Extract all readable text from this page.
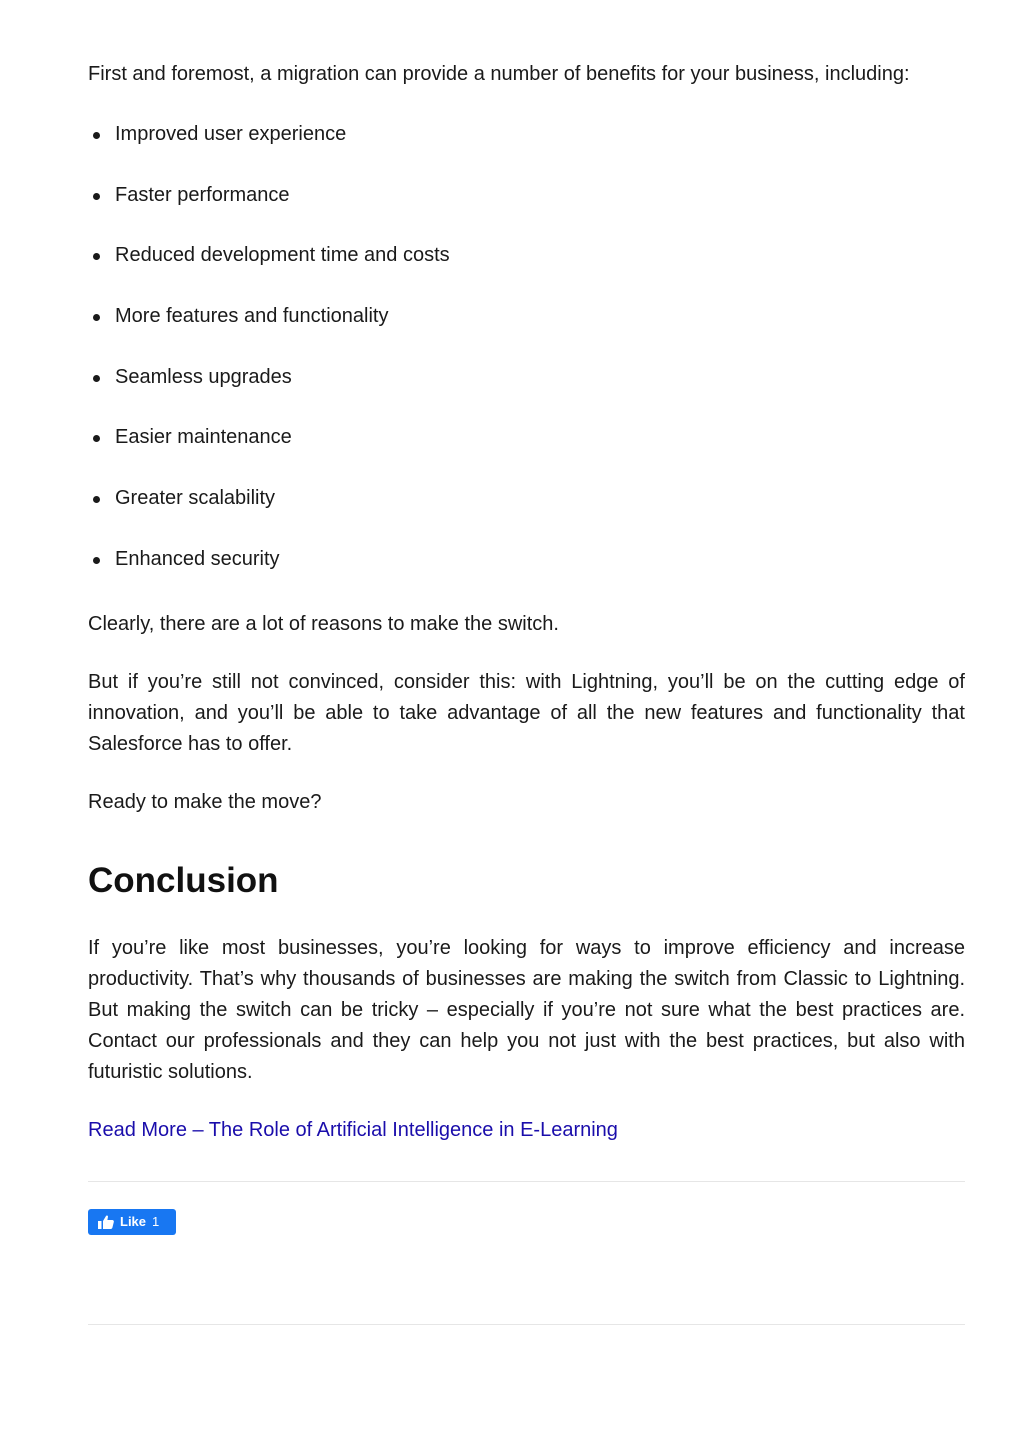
First and foremost, a migration can provide a number of benefits for your business, including:

Improved user experience
Faster performance
Reduced development time and costs
More features and functionality
Seamless upgrades
Easier maintenance
Greater scalability
Enhanced security

Clearly, there are a lot of reasons to make the switch.

But if you’re still not convinced, consider this: with Lightning, you’ll be on the cutting edge of innovation, and you’ll be able to take advantage of all the new features and functionality that Salesforce has to offer.

Ready to make the move?

Conclusion

If you’re like most businesses, you’re looking for ways to improve efficiency and increase productivity. That’s why thousands of businesses are making the switch from Classic to Lightning. But making the switch can be tricky – especially if you’re not sure what the best practices are. Contact our professionals and they can help you not just with the best practices, but also with futuristic solutions.

Read More – The Role of Artificial Intelligence in E-Learning
Like 1
